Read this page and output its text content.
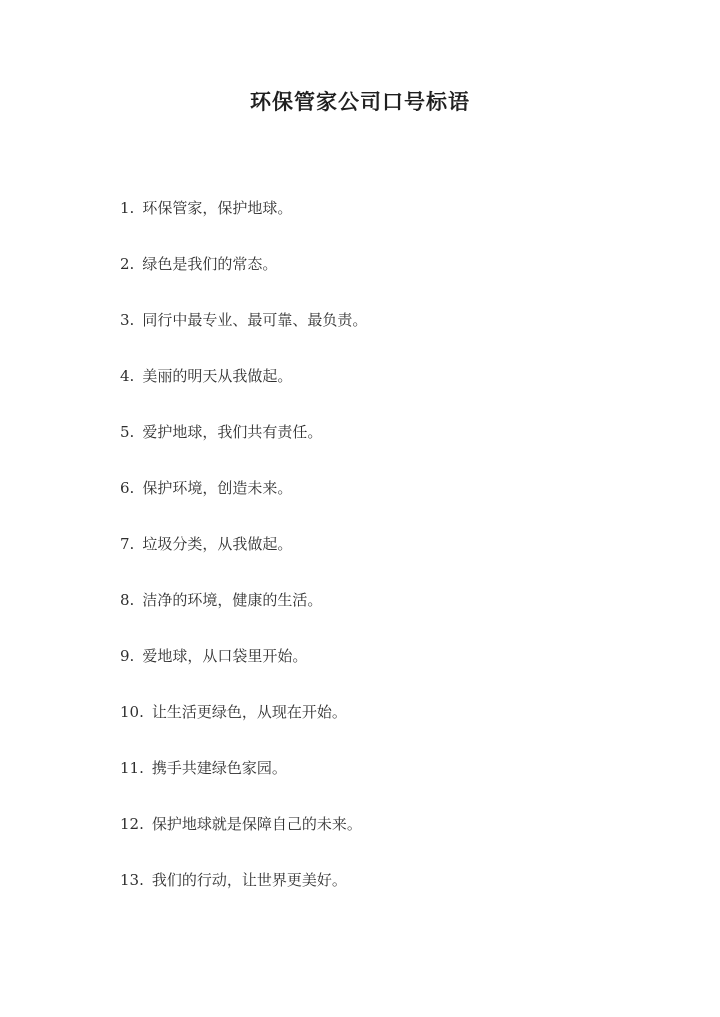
环保管家公司口号标语
1. 环保管家，保护地球。
2. 绿色是我们的常态。
3. 同行中最专业、最可靠、最负责。
4. 美丽的明天从我做起。
5. 爱护地球，我们共有责任。
6. 保护环境，创造未来。
7. 垃圾分类，从我做起。
8. 洁净的环境，健康的生活。
9. 爱地球，从口袋里开始。
10. 让生活更绿色，从现在开始。
11. 携手共建绿色家园。
12. 保护地球就是保障自己的未来。
13. 我们的行动，让世界更美好。
